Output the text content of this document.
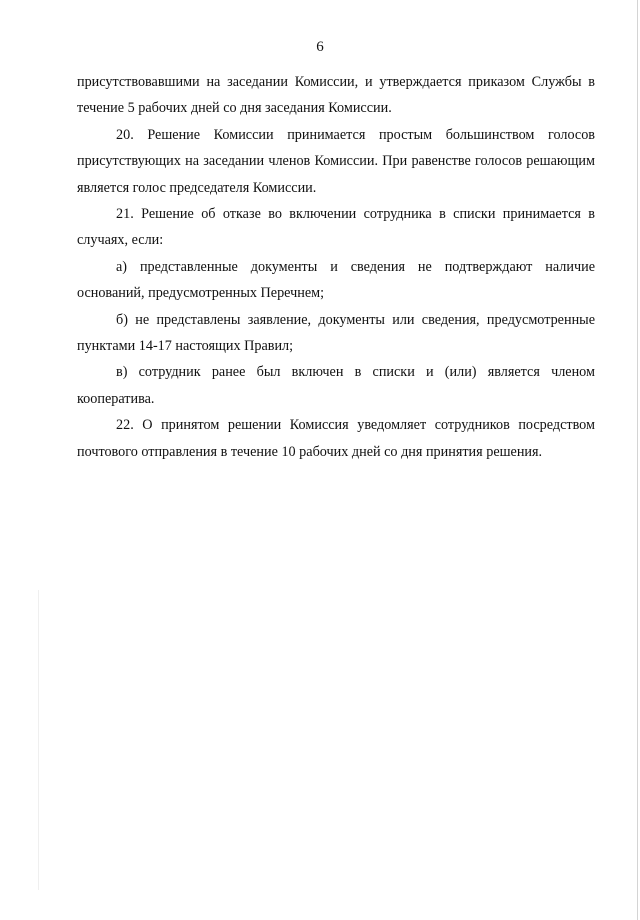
6

присутствовавшими на заседании Комиссии, и утверждается приказом Службы в течение 5 рабочих дней со дня заседания Комиссии.

20. Решение Комиссии принимается простым большинством голосов присутствующих на заседании членов Комиссии. При равенстве голосов решающим является голос председателя Комиссии.

21. Решение об отказе во включении сотрудника в списки принимается в случаях, если:

а) представленные документы и сведения не подтверждают наличие оснований, предусмотренных Перечнем;

б) не представлены заявление, документы или сведения, предусмотренные пунктами 14-17 настоящих Правил;

в) сотрудник ранее был включен в списки и (или) является членом кооператива.

22. О принятом решении Комиссия уведомляет сотрудников посредством почтового отправления в течение 10 рабочих дней со дня принятия решения.
